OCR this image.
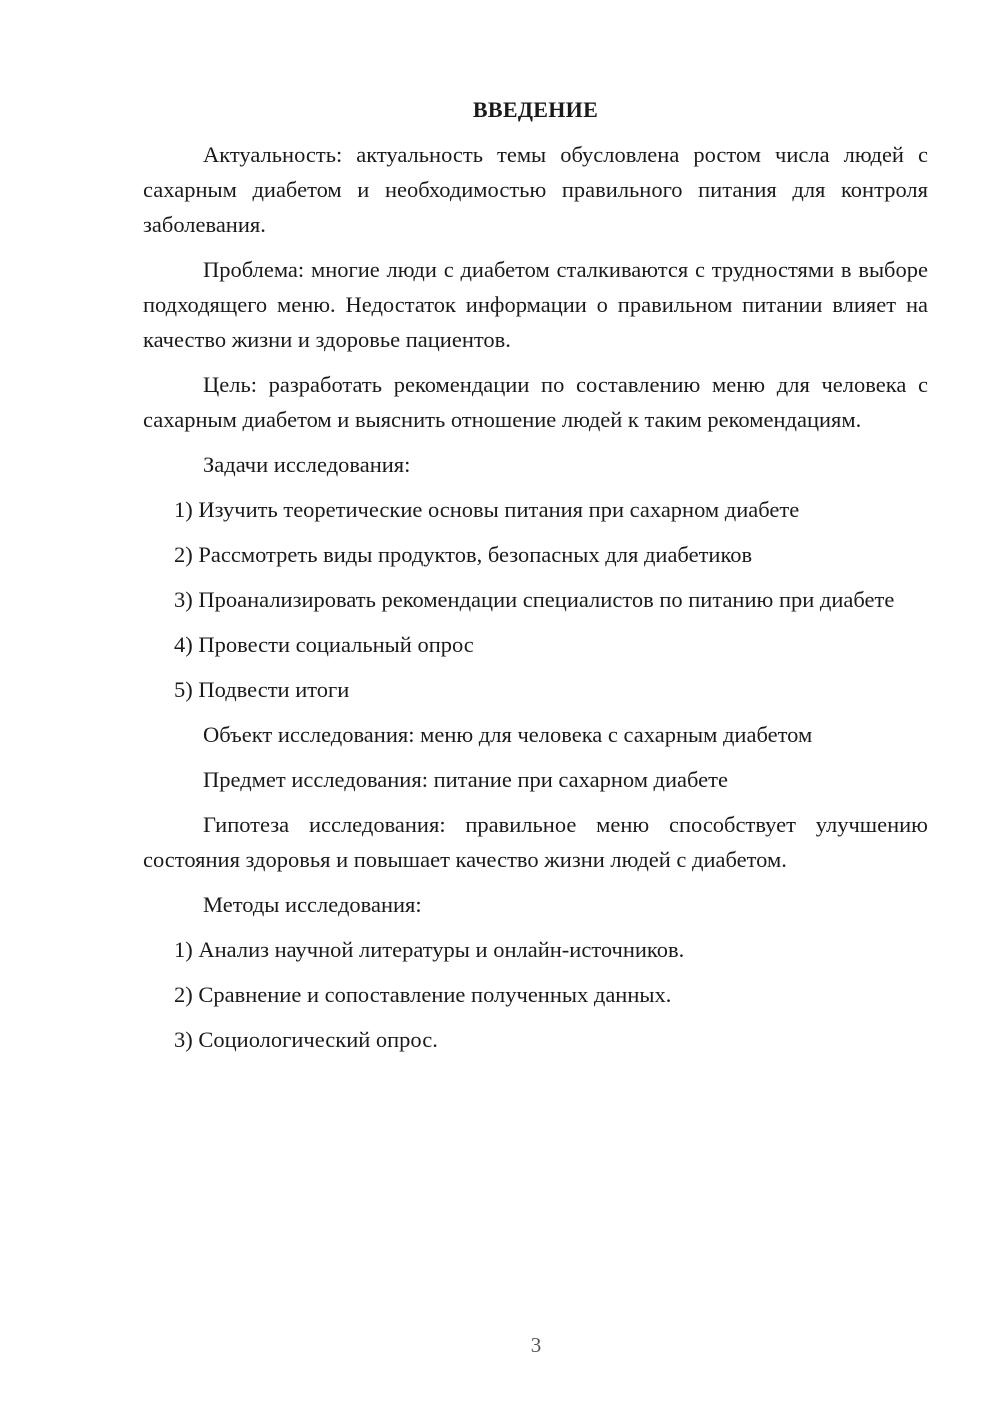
ВВЕДЕНИЕ

Актуальность: актуальность темы обусловлена ростом числа людей с сахарным диабетом и необходимостью правильного питания для контроля заболевания.

Проблема: многие люди с диабетом сталкиваются с трудностями в выборе подходящего меню. Недостаток информации о правильном питании влияет на качество жизни и здоровье пациентов.

Цель: разработать рекомендации по составлению меню для человека с сахарным диабетом и выяснить отношение людей к таким рекомендациям.

Задачи исследования:

1) Изучить теоретические основы питания при сахарном диабете

2) Рассмотреть виды продуктов, безопасных для диабетиков

3) Проанализировать рекомендации специалистов по питанию при диабете

4) Провести социальный опрос

5) Подвести итоги

Объект исследования: меню для человека с сахарным диабетом

Предмет исследования: питание при сахарном диабете

Гипотеза исследования: правильное меню способствует улучшению состояния здоровья и повышает качество жизни людей с диабетом.

Методы исследования:

1) Анализ научной литературы и онлайн-источников.

2) Сравнение и сопоставление полученных данных.

3) Социологический опрос.

3
